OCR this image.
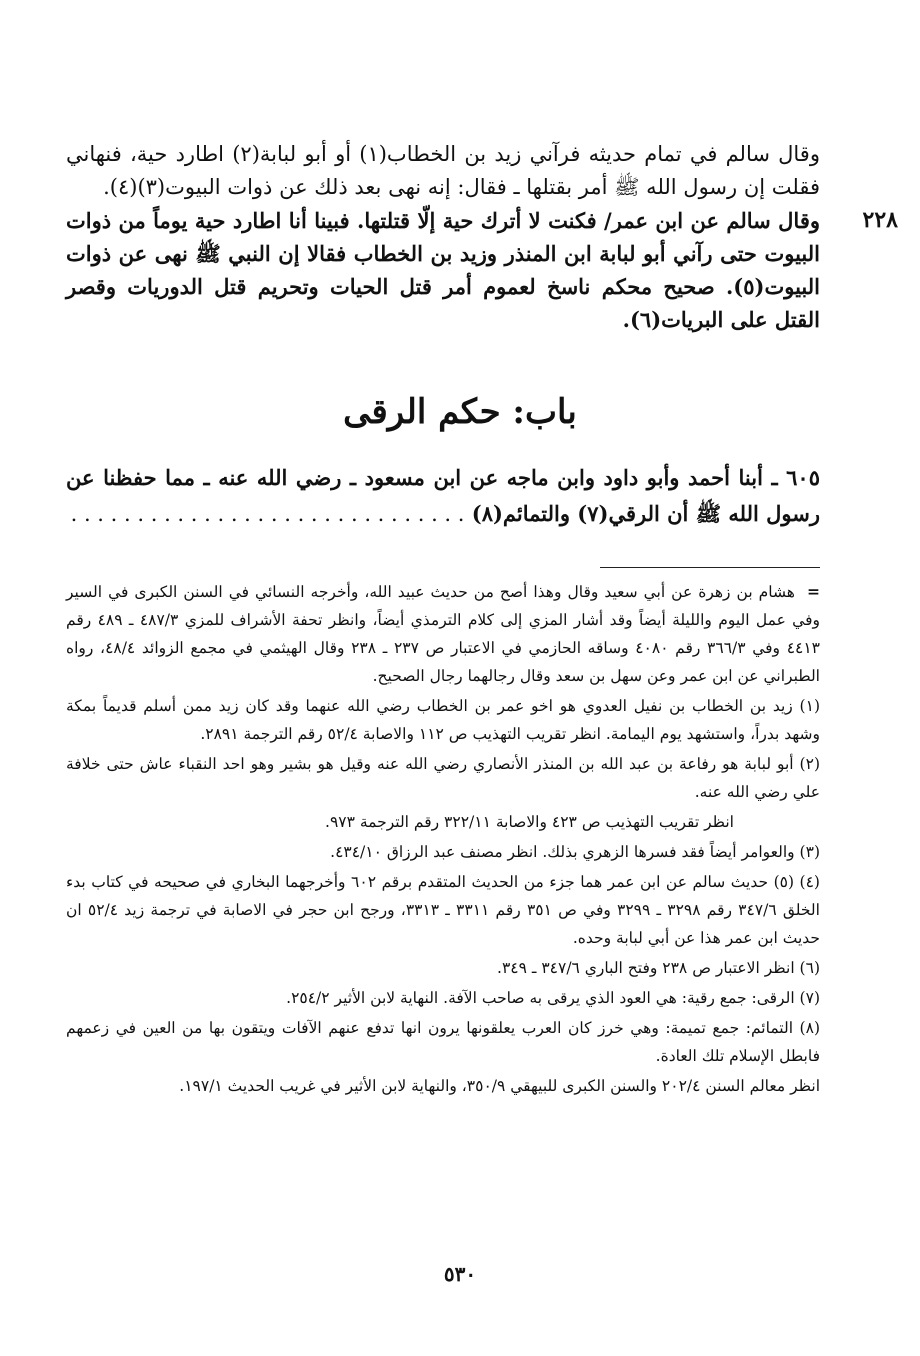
وقال سالم في تمام حديثه فرآني زيد بن الخطاب(١) أو أبو لبابة(٢) اطارد حية، فنهاني فقلت إن رسول الله ﷺ أمر بقتلها ـ فقال: إنه نهى بعد ذلك عن ذوات البيوت(٣)(٤).

٢٢٨

وقال سالم عن ابن عمر/ فكنت لا أترك حية إلّا قتلتها. فبينا أنا اطارد حية يوماً من ذوات البيوت حتى رآني أبو لبابة ابن المنذر وزيد بن الخطاب فقالا إن النبي ﷺ نهى عن ذوات البيوت(٥). صحيح محكم ناسخ لعموم أمر قتل الحيات وتحريم قتل الدوريات وقصر القتل على البريات(٦).

باب: حكم الرقى
٦٠٥ ـ أبنا أحمد وأبو داود وابن ماجه عن ابن مسعود ـ رضي الله عنه ـ مما حفظنا عن رسول الله ﷺ أن الرقي(٧) والتمائم(٨) . . . . . . . . . . . . . . . . . . . . . . . . . . . . . .

= هشام بن زهرة عن أبي سعيد وقال وهذا أصح من حديث عبيد الله، وأخرجه النسائي في السنن الكبرى في السير وفي عمل اليوم والليلة أيضاً وقد أشار المزي إلى كلام الترمذي أيضاً، وانظر تحفة الأشراف للمزي ٤٨٧/٣ ـ ٤٨٩ رقم ٤٤١٣ وفي ٣٦٦/٣ رقم ٤٠٨٠ وساقه الحازمي في الاعتبار ص ٢٣٧ ـ ٢٣٨ وقال الهيثمي في مجمع الزوائد ٤٨/٤، رواه الطبراني عن ابن عمر وعن سهل بن سعد وقال رجالهما رجال الصحيح.

(١) زيد بن الخطاب بن نفيل العدوي هو اخو عمر بن الخطاب رضي الله عنهما وقد كان زيد ممن أسلم قديماً بمكة وشهد بدراً، واستشهد يوم اليمامة. انظر تقريب التهذيب ص ١١٢ والاصابة ٥٢/٤ رقم الترجمة ٢٨٩١.

(٢) أبو لبابة هو رفاعة بن عبد الله بن المنذر الأنصاري رضي الله عنه وقيل هو بشير وهو احد النقباء عاش حتى خلافة علي رضي الله عنه.

انظر تقريب التهذيب ص ٤٢٣ والاصابة ٣٢٢/١١ رقم الترجمة ٩٧٣.

(٣) والعوامر أيضاً فقد فسرها الزهري بذلك. انظر مصنف عبد الرزاق ٤٣٤/١٠.

(٤) (٥) حديث سالم عن ابن عمر هما جزء من الحديث المتقدم برقم ٦٠٢ وأخرجهما البخاري في صحيحه في كتاب بدء الخلق ٣٤٧/٦ رقم ٣٢٩٨ ـ ٣٢٩٩ وفي ص ٣٥١ رقم ٣٣١١ ـ ٣٣١٣، ورجح ابن حجر في الاصابة في ترجمة زيد ٥٢/٤ ان حديث ابن عمر هذا عن أبي لبابة وحده.

(٦) انظر الاعتبار ص ٢٣٨ وفتح الباري ٣٤٧/٦ ـ ٣٤٩.

(٧) الرقى: جمع رقية: هي العود الذي يرقى به صاحب الآفة. النهاية لابن الأثير ٢٥٤/٢.

(٨) التمائم: جمع تميمة: وهي خرز كان العرب يعلقونها يرون انها تدفع عنهم الآفات ويتقون بها من العين في زعمهم فابطل الإسلام تلك العادة.

انظر معالم السنن ٢٠٢/٤ والسنن الكبرى للبيهقي ٣٥٠/٩، والنهاية لابن الأثير في غريب الحديث ١٩٧/١.

٥٣٠
